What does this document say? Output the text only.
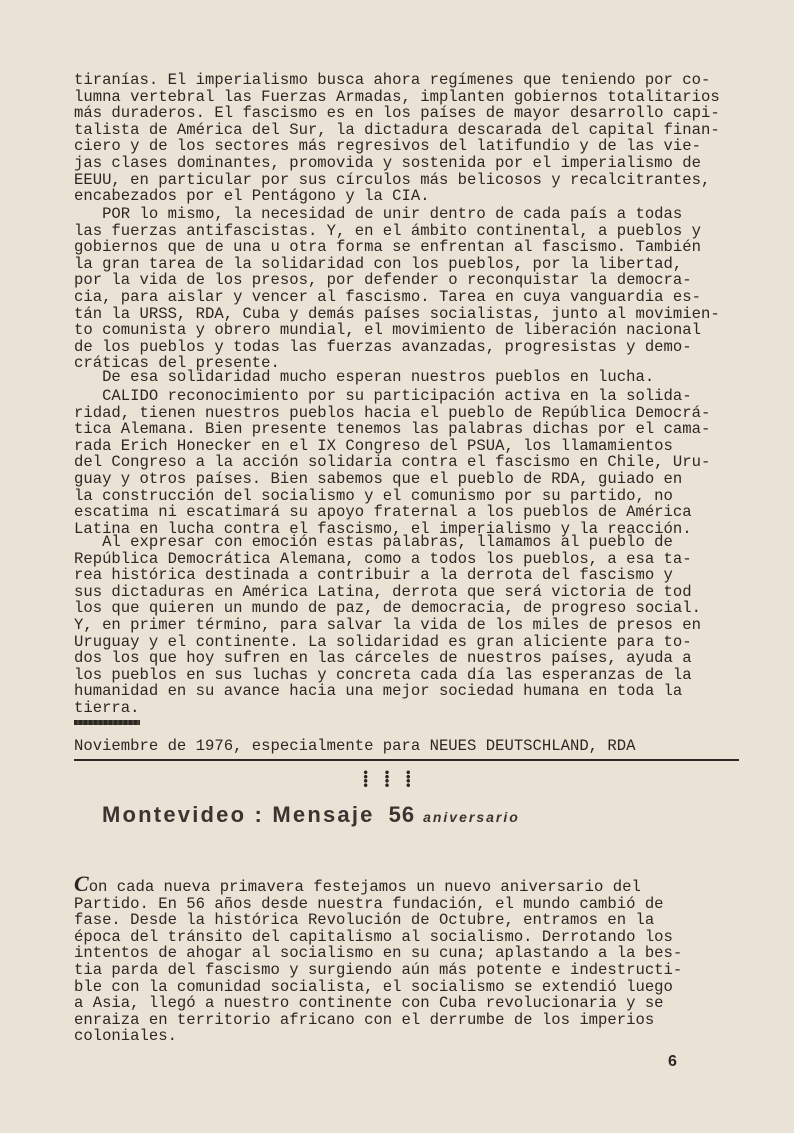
tiranías. El imperialismo busca ahora regímenes que teniendo por co-
lumna vertebral las Fuerzas Armadas, implanten gobiernos totalitarios
más duraderos. El fascismo es en los países de mayor desarrollo capi-
talista de América del Sur, la dictadura descarada del capital finan-
ciero y de los sectores más regresivos del latifundio y de las vie-
jas clases dominantes, promovida y sostenida por el imperialismo de
EEUU, en particular por sus círculos más belicosos y recalcitrantes,
encabezados por el Pentágono y la CIA.
POR lo mismo, la necesidad de unir dentro de cada país a todas
las fuerzas antifascistas. Y, en el ámbito continental, a pueblos y
gobiernos que de una u otra forma se enfrentan al fascismo. También
la gran tarea de la solidaridad con los pueblos, por la libertad,
por la vida de los presos, por defender o reconquistar la democra-
cia, para aislar y vencer al fascismo. Tarea en cuya vanguardia es-
tán la URSS, RDA, Cuba y demás países socialistas, junto al movimien-
to comunista y obrero mundial, el movimiento de liberación nacional
de los pueblos y todas las fuerzas avanzadas, progresistas y demo-
cráticas del presente.
De esa solidaridad mucho esperan nuestros pueblos en lucha.
CALIDO reconocimiento por su participación activa en la solida-
ridad, tienen nuestros pueblos hacia el pueblo de República Democrá-
tica Alemana. Bien presente tenemos las palabras dichas por el cama-
rada Erich Honecker en el IX Congreso del PSUA, los llamamientos
del Congreso a la acción solidaria contra el fascismo en Chile, Uru-
guay y otros países. Bien sabemos que el pueblo de RDA, guiado en
la construcción del socialismo y el comunismo por su partido, no
escatima ni escatimará su apoyo fraternal a los pueblos de América
Latina en lucha contra el fascismo, el imperialismo y la reacción.
Al expresar con emoción estas palabras, llamamos al pueblo de
República Democrática Alemana, como a todos los pueblos, a esa ta-
rea histórica destinada a contribuir a la derrota del fascismo y
sus dictaduras en América Latina, derrota que será victoria de tod
los que quieren un mundo de paz, de democracia, de progreso social.
Y, en primer término, para salvar la vida de los miles de presos en
Uruguay y el continente. La solidaridad es gran aliciente para to-
dos los que hoy sufren en las cárceles de nuestros países, ayuda a
los pueblos en sus luchas y concreta cada día las esperanzas de la
humanidad en su avance hacia una mejor sociedad humana en toda la
tierra.
Noviembre de 1976, especialmente para NEUES DEUTSCHLAND, RDA
⁞⁞⁞
Montevideo : Mensaje 56 aniversario
Con cada nueva primavera festejamos un nuevo aniversario del
Partido. En 56 años desde nuestra fundación, el mundo cambió de
fase. Desde la histórica Revolución de Octubre, entramos en la
época del tránsito del capitalismo al socialismo. Derrotando los
intentos de ahogar al socialismo en su cuna; aplastando a la bes-
tia parda del fascismo y surgiendo aún más potente e indestructi-
ble con la comunidad socialista, el socialismo se extendió luego
a Asia, llegó a nuestro continente con Cuba revolucionaria y se
enraiza en territorio africano con el derrumbe de los imperios
coloniales.
6
